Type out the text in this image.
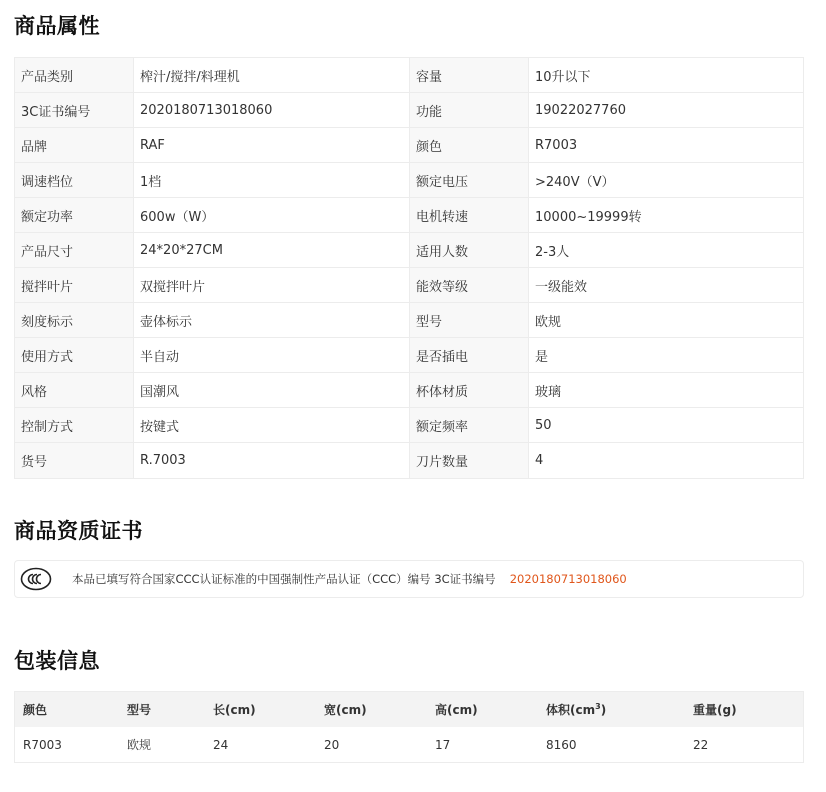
商品属性
产品类别	榨汁/搅拌/料理机	容量	10升以下
3C证书编号	2020180713018060	功能	19022027760
品牌	RAF	颜色	R7003
调速档位	1档	额定电压	>240V（V）
额定功率	600w（W）	电机转速	10000~19999转
产品尺寸	24*20*27CM	适用人数	2-3人
搅拌叶片	双搅拌叶片	能效等级	一级能效
刻度标示	壶体标示	型号	欧规
使用方式	半自动	是否插电	是
风格	国潮风	杯体材质	玻璃
控制方式	按键式	额定频率	50
货号	R.7003	刀片数量	4
商品资质证书
本品已填写符合国家CCC认证标准的中国强制性产品认证（CCC）编号 3C证书编号 2020180713018060
包装信息
颜色	型号	长(cm)	宽(cm)	高(cm)	体积$(cm^3)$	重量(g)
R7003	欧规	24	20	17	8160	22
